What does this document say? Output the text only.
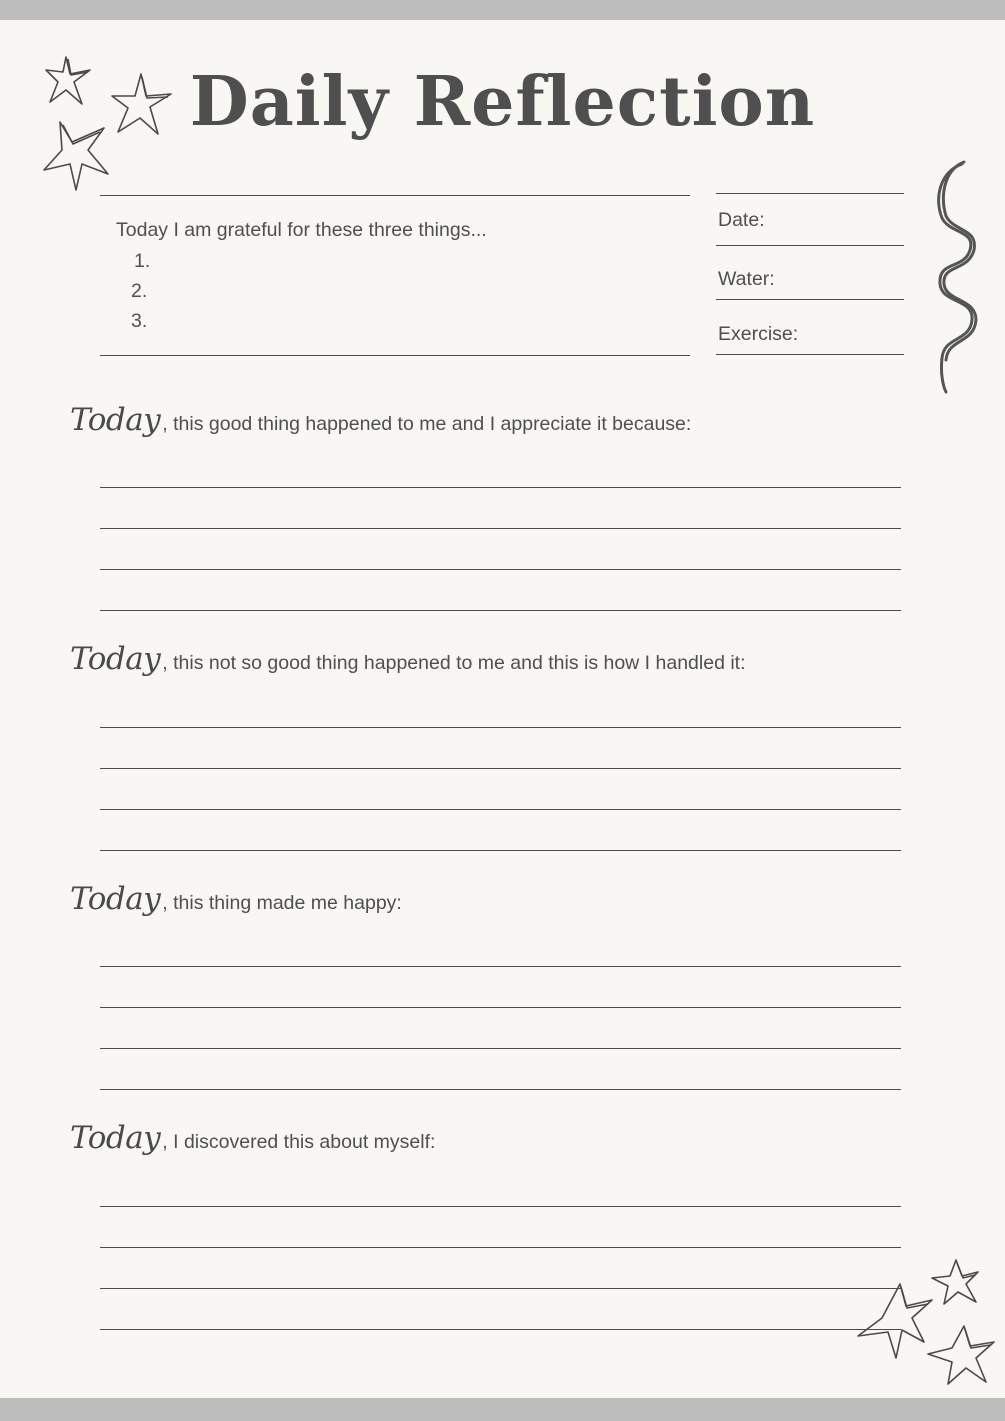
Daily Reflection
Today I am grateful for these three things...
1.
2.
3.
Date:
Water:
Exercise:
Today , this good thing happened to me and I appreciate it because:
Today , this not so good thing happened to me and this is how I handled it:
Today , this thing made me happy:
Today , I discovered this about myself:
